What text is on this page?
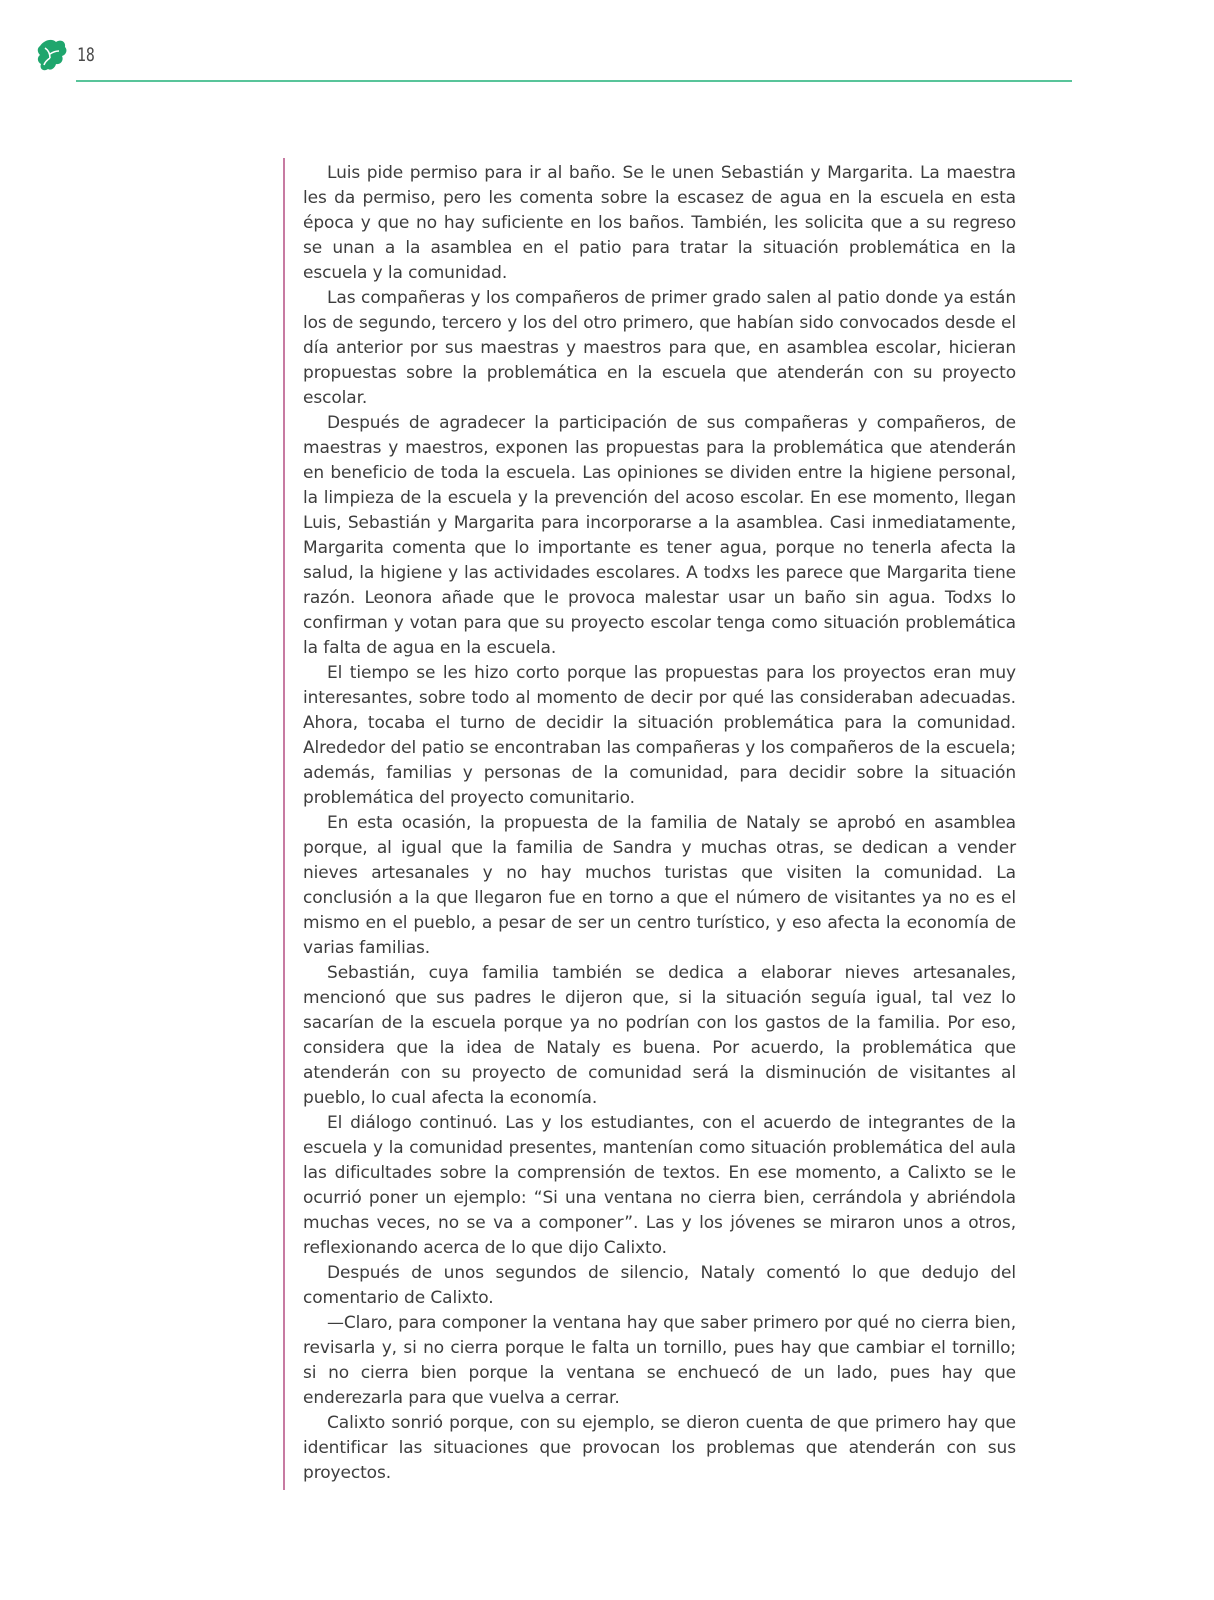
18

Luis pide permiso para ir al baño. Se le unen Sebastián y Margarita. La maestra les da permiso, pero les comenta sobre la escasez de agua en la escuela en esta época y que no hay suficiente en los baños. También, les solicita que a su regreso se unan a la asamblea en el patio para tratar la situación problemática en la escuela y la comunidad.

Las compañeras y los compañeros de primer grado salen al patio donde ya están los de segundo, tercero y los del otro primero, que habían sido convocados desde el día anterior por sus maestras y maestros para que, en asamblea escolar, hicieran propuestas sobre la problemática en la escuela que atenderán con su proyecto escolar.

Después de agradecer la participación de sus compañeras y compañeros, de maestras y maestros, exponen las propuestas para la problemática que atenderán en beneficio de toda la escuela. Las opiniones se dividen entre la higiene personal, la limpieza de la escuela y la prevención del acoso escolar. En ese momento, llegan Luis, Sebastián y Margarita para incorporarse a la asamblea. Casi inmediatamente, Margarita comenta que lo importante es tener agua, porque no tenerla afecta la salud, la higiene y las actividades escolares. A todxs les parece que Margarita tiene razón. Leonora añade que le provoca malestar usar un baño sin agua. Todxs lo confirman y votan para que su proyecto escolar tenga como situación problemática la falta de agua en la escuela.

El tiempo se les hizo corto porque las propuestas para los proyectos eran muy interesantes, sobre todo al momento de decir por qué las consideraban adecuadas. Ahora, tocaba el turno de decidir la situación problemática para la comunidad. Alrededor del patio se encontraban las compañeras y los compañeros de la escuela; además, familias y personas de la comunidad, para decidir sobre la situación problemática del proyecto comunitario.

En esta ocasión, la propuesta de la familia de Nataly se aprobó en asamblea porque, al igual que la familia de Sandra y muchas otras, se dedican a vender nieves artesanales y no hay muchos turistas que visiten la comunidad. La conclusión a la que llegaron fue en torno a que el número de visitantes ya no es el mismo en el pueblo, a pesar de ser un centro turístico, y eso afecta la economía de varias familias.

Sebastián, cuya familia también se dedica a elaborar nieves artesanales, mencionó que sus padres le dijeron que, si la situación seguía igual, tal vez lo sacarían de la escuela porque ya no podrían con los gastos de la familia. Por eso, considera que la idea de Nataly es buena. Por acuerdo, la problemática que atenderán con su proyecto de comunidad será la disminución de visitantes al pueblo, lo cual afecta la economía.

El diálogo continuó. Las y los estudiantes, con el acuerdo de integrantes de la escuela y la comunidad presentes, mantenían como situación problemática del aula las dificultades sobre la comprensión de textos. En ese momento, a Calixto se le ocurrió poner un ejemplo: “Si una ventana no cierra bien, cerrándola y abriéndola muchas veces, no se va a componer”. Las y los jóvenes se miraron unos a otros, reflexionando acerca de lo que dijo Calixto.

Después de unos segundos de silencio, Nataly comentó lo que dedujo del comentario de Calixto.

—Claro, para componer la ventana hay que saber primero por qué no cierra bien, revisarla y, si no cierra porque le falta un tornillo, pues hay que cambiar el tornillo; si no cierra bien porque la ventana se enchuecó de un lado, pues hay que enderezarla para que vuelva a cerrar.

Calixto sonrió porque, con su ejemplo, se dieron cuenta de que primero hay que identificar las situaciones que provocan los problemas que atenderán con sus proyectos.
